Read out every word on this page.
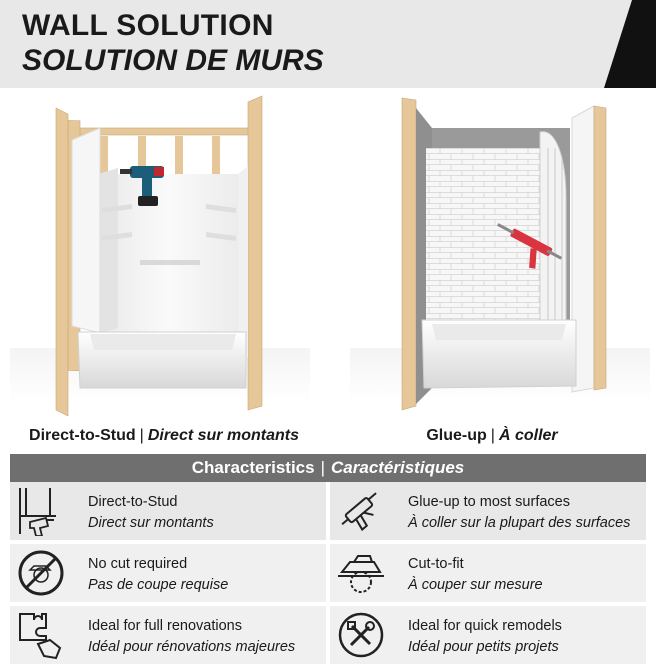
WALL SOLUTION
SOLUTION DE MURS
Direct-to-Stud | Direct sur montants	Glue-up | À coller
Characteristics | Caractéristiques
Direct-to-Stud
Direct sur montants
Glue-up to most surfaces
À coller sur la plupart des surfaces
No cut required
Pas de coupe requise
Cut-to-fit
À couper sur mesure
Ideal for full renovations
Idéal pour rénovations majeures
Ideal for quick remodels
Idéal pour petits projets
